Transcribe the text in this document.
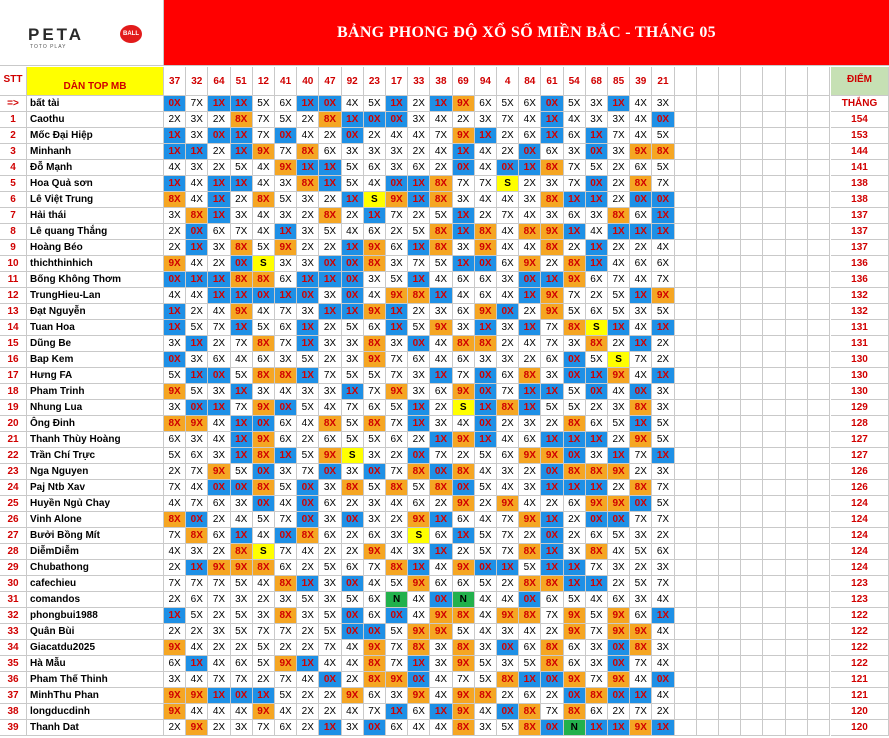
PETA	BALL
TOTO PLAY
BẢNG PHONG ĐỘ XỔ SỐ MIỀN BẮC - THÁNG 05
STT
DÀN TOP MB	37	32	64	51	12	41	40	47	92	23	17	33	38	69	94	4	84	61	54	68	85	39	21	ĐIỂM
=>	bất tài	0X 7X 1X 1X 5X 6X 1X 0X 4X 5X 1X 2X 1X 9X 6X 5X 6X 0X 5X 3X 1X 4X 3X	THẮNG
1	Caothu	2X 3X 2X 8X 7X 5X 2X 8X 1X 0X 0X 3X 4X 2X 3X 7X 4X 1X 4X 3X 3X 4X 0X	154
2	Mốc Đại Hiệp	1X 3X 0X 1X 7X 0X 4X 2X 0X 2X 4X 4X 7X 9X 1X 2X 6X 1X 6X 1X 7X 4X 5X	153
3	Minhanh	1X 1X 2X 1X 9X 7X 8X 6X 3X 3X 3X 2X 4X 1X 4X 2X 0X 6X 3X 0X 3X 9X 8X	144
4	Đỗ Mạnh	4X 3X 2X 5X 4X 9X 1X 1X 5X 6X 3X 6X 2X 0X 4X 0X 1X 8X 7X 5X 2X 6X 5X	141
5	Hoa Quả sơn	1X 4X 1X 1X 4X 3X 8X 1X 5X 4X 0X 1X 8X 7X 7X	S	2X 3X 7X 0X 2X 8X 7X	138
6	Lê Việt Trung	8X 4X 1X 2X 8X 5X 3X 2X 1X	S	9X 1X 8X 3X 4X 4X 3X 8X 1X 1X 2X 0X 0X	138
7	Hải thái	3X 8X 1X 3X 4X 3X 2X 8X 2X 1X 7X 2X 5X 1X 2X 7X 4X 3X 6X 3X 8X 6X 1X	137
8	Lê quang Thắng	2X 0X 6X 7X 4X 1X 3X 5X 4X 6X 2X 5X 8X 1X 8X 4X 8X 9X 1X 4X 1X 1X 1X	137
9	Hoàng Béo	2X 1X 3X 8X 5X 9X 2X 2X 1X 9X 6X 1X 8X 3X 9X 4X 4X 8X 2X 1X 2X 2X 4X	137
10	thichthinhich	9X 4X 2X 0X	S	3X 3X 0X 0X 8X 3X 7X 5X 1X 0X 6X 9X 2X 8X 1X 4X 6X 6X	136
11	Bống Không Thơm	0X 1X 1X 8X 8X 6X 1X 1X 0X 3X 5X 1X 4X 6X 6X 3X 0X 1X 9X 6X 7X 4X 7X	136
12	TrungHieu-Lan	4X 4X 1X 1X 0X 1X 0X 3X 0X 4X 9X 8X 1X 4X 6X 4X 1X 9X 7X 2X 5X 1X 9X	132
13	Đạt Nguyễn	1X 2X 4X 9X 4X 7X 3X 1X 1X 9X 1X 2X 3X 6X 9X 0X 2X 9X 5X 6X 5X 3X 5X	132
14	Tuan Hoa	1X 5X 7X 1X 5X 6X 1X 2X 5X 6X 1X 5X 9X 3X 1X 3X 1X 7X 8X	S	1X 4X 1X	131
15	Dũng Be	3X 1X 2X 7X 8X 7X 1X 3X 3X 8X 3X 0X 4X 8X 8X 2X 4X 7X 3X 8X 2X 1X 2X	131
16	Bap Kem	0X 3X 6X 4X 6X 3X 5X 2X 3X 9X 7X 6X 4X 6X 3X 3X 2X 6X 0X 5X	S	7X 2X	130
17	Hưng FA	5X 1X 0X 5X 8X 8X 1X 7X 5X 5X 7X 3X 1X 7X 0X 6X 8X 3X 0X 1X 9X 4X 1X	130
18	Pham Trinh	9X 5X 3X 1X 3X 4X 3X 3X 1X 7X 9X 3X 6X 9X 0X 7X 1X 1X 5X 0X 4X 0X 3X	130
19	Nhung Lua	3X 0X 1X 7X 9X 0X 5X 4X 7X 6X 5X 1X 2X	S	1X 8X 1X 5X 5X 2X 3X 8X 3X	129
20	Ông Đinh	8X 9X 4X 1X 0X 6X 4X 8X 5X 8X 7X 1X 3X 4X 0X 2X 3X 2X 8X 6X 5X 1X 5X	128
21	Thanh Thùy Hoàng	6X 3X 4X 1X 9X 6X 2X 6X 5X 5X 6X 2X 1X 9X 1X 4X 6X 1X 1X 1X 2X 9X 5X	127
22	Trần Chí Trực	5X 6X 3X 1X 8X 1X 5X 9X	S	3X 2X 0X 7X 2X 5X 6X 9X 9X 0X 3X 1X 7X 1X	127
23	Nga Nguyen	2X 7X 9X 5X 0X 3X 7X 0X 3X 0X 7X 8X 0X 8X 4X 3X 2X 0X 8X 8X 9X 2X 3X	126
24	Paj Ntb Xav	7X 4X 0X 0X 8X 5X 0X 3X 8X 5X 8X 5X 8X 0X 5X 4X 3X 1X 1X 1X 2X 8X 7X	126
25	Huyền Ngủ Chay	4X 7X 6X 3X 0X 4X 0X 6X 2X 3X 4X 6X 2X 9X 2X 9X 4X 2X 6X 9X 9X 0X 5X	124
26	Vinh Alone	8X 0X 2X 4X 5X 7X 0X 3X 0X 3X 2X 9X 1X 6X 4X 7X 9X 1X 2X 0X 0X 7X 7X	124
27	Bưởi Bồng Mít	7X 8X 6X 1X 4X 0X 8X 6X 2X 6X 3X	S	6X 1X 5X 7X 2X 0X 2X 6X 5X 3X 2X	124
28	DiễmDiễm	4X 3X 2X 8X	S	7X 4X 2X 2X 9X 4X 3X 1X 2X 5X 7X 8X 1X 3X 8X 4X 5X 6X	124
29	Chubathong	2X 1X 9X 9X 8X 6X 2X 5X 6X 7X 8X 1X 4X 9X 0X 1X 5X 1X 1X 7X 3X 2X 3X	124
30	cafechieu	7X 7X 7X 5X 4X 8X 1X 3X 0X 4X 5X 9X 6X 6X 5X 2X 8X 8X 1X 1X 2X 5X 7X	123
31	comandos	2X 6X 7X 3X 2X 3X 5X 3X 5X 6X	N	4X 0X	N	4X 4X 0X 6X 5X 4X 6X 3X 4X	123
32	phongbui1988	1X 5X 2X 5X 3X 8X 3X 5X 0X 6X 0X 4X 9X 8X 4X 9X 8X 7X 9X 5X 9X 6X 1X	122
33	Quân Bùi	2X 2X 3X 5X 7X 7X 2X 5X 0X 0X 5X 9X 9X 5X 4X 3X 4X 2X 9X 7X 9X 9X 4X	122
34	Giacatdu2025	9X 4X 2X 2X 5X 2X 2X 7X 4X 9X 7X 8X 3X 8X 3X 0X 6X 8X 6X 3X 0X 8X 3X	122
35	Hà Mẫu	6X 1X 4X 6X 5X 9X 1X 4X 4X 8X 7X 1X 3X 9X 5X 3X 5X 8X 6X 3X 0X 7X 4X	122
36	Pham Thế Thinh	3X 4X 7X 7X 2X 7X 4X 0X 2X 8X 9X 0X 4X 7X 5X 8X 1X 0X 9X 7X 9X 4X 0X	121
37	MinhThu Phan	9X 9X 1X 0X 1X 5X 2X 2X 9X 6X 3X 9X 4X 9X 8X 2X 6X 2X 0X 8X 0X 1X 4X	121
38	longducdinh	9X 4X 4X 4X 9X 4X 2X 2X 4X 7X 1X 6X 1X 9X 4X 0X 8X 7X 8X 6X 2X 7X 2X	120
39	Thanh Dat	2X 9X 2X 3X 7X 6X 2X 1X 3X 0X 6X 4X 4X 8X 3X 5X 8X 0X	N	1X 1X 9X 1X	120
